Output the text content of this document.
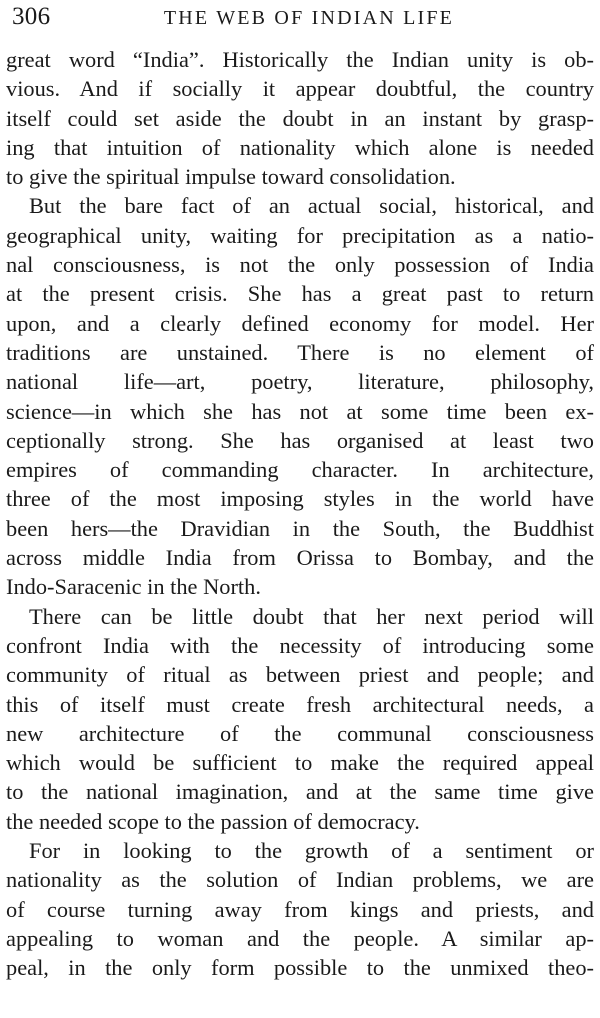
306	THE WEB OF INDIAN LIFE
great word “India”. Historically the Indian unity is ob-
vious. And if socially it appear doubtful, the country
itself could set aside the doubt in an instant by grasp-
ing that intuition of nationality which alone is needed
to give the spiritual impulse toward consolidation.
But the bare fact of an actual social, historical, and
geographical unity, waiting for precipitation as a natio-
nal consciousness, is not the only possession of India
at the present crisis. She has a great past to return
upon, and a clearly defined economy for model. Her
traditions are unstained. There is no element of
national life—art, poetry, literature, philosophy,
science—in which she has not at some time been ex-
ceptionally strong. She has organised at least two
empires of commanding character. In architecture,
three of the most imposing styles in the world have
been hers—the Dravidian in the South, the Buddhist
across middle India from Orissa to Bombay, and the
Indo-Saracenic in the North.
There can be little doubt that her next period will
confront India with the necessity of introducing some
community of ritual as between priest and people; and
this of itself must create fresh architectural needs, a
new architecture of the communal consciousness
which would be sufficient to make the required appeal
to the national imagination, and at the same time give
the needed scope to the passion of democracy.
For in looking to the growth of a sentiment or
nationality as the solution of Indian problems, we are
of course turning away from kings and priests, and
appealing to woman and the people. A similar ap-
peal, in the only form possible to the unmixed theo-
